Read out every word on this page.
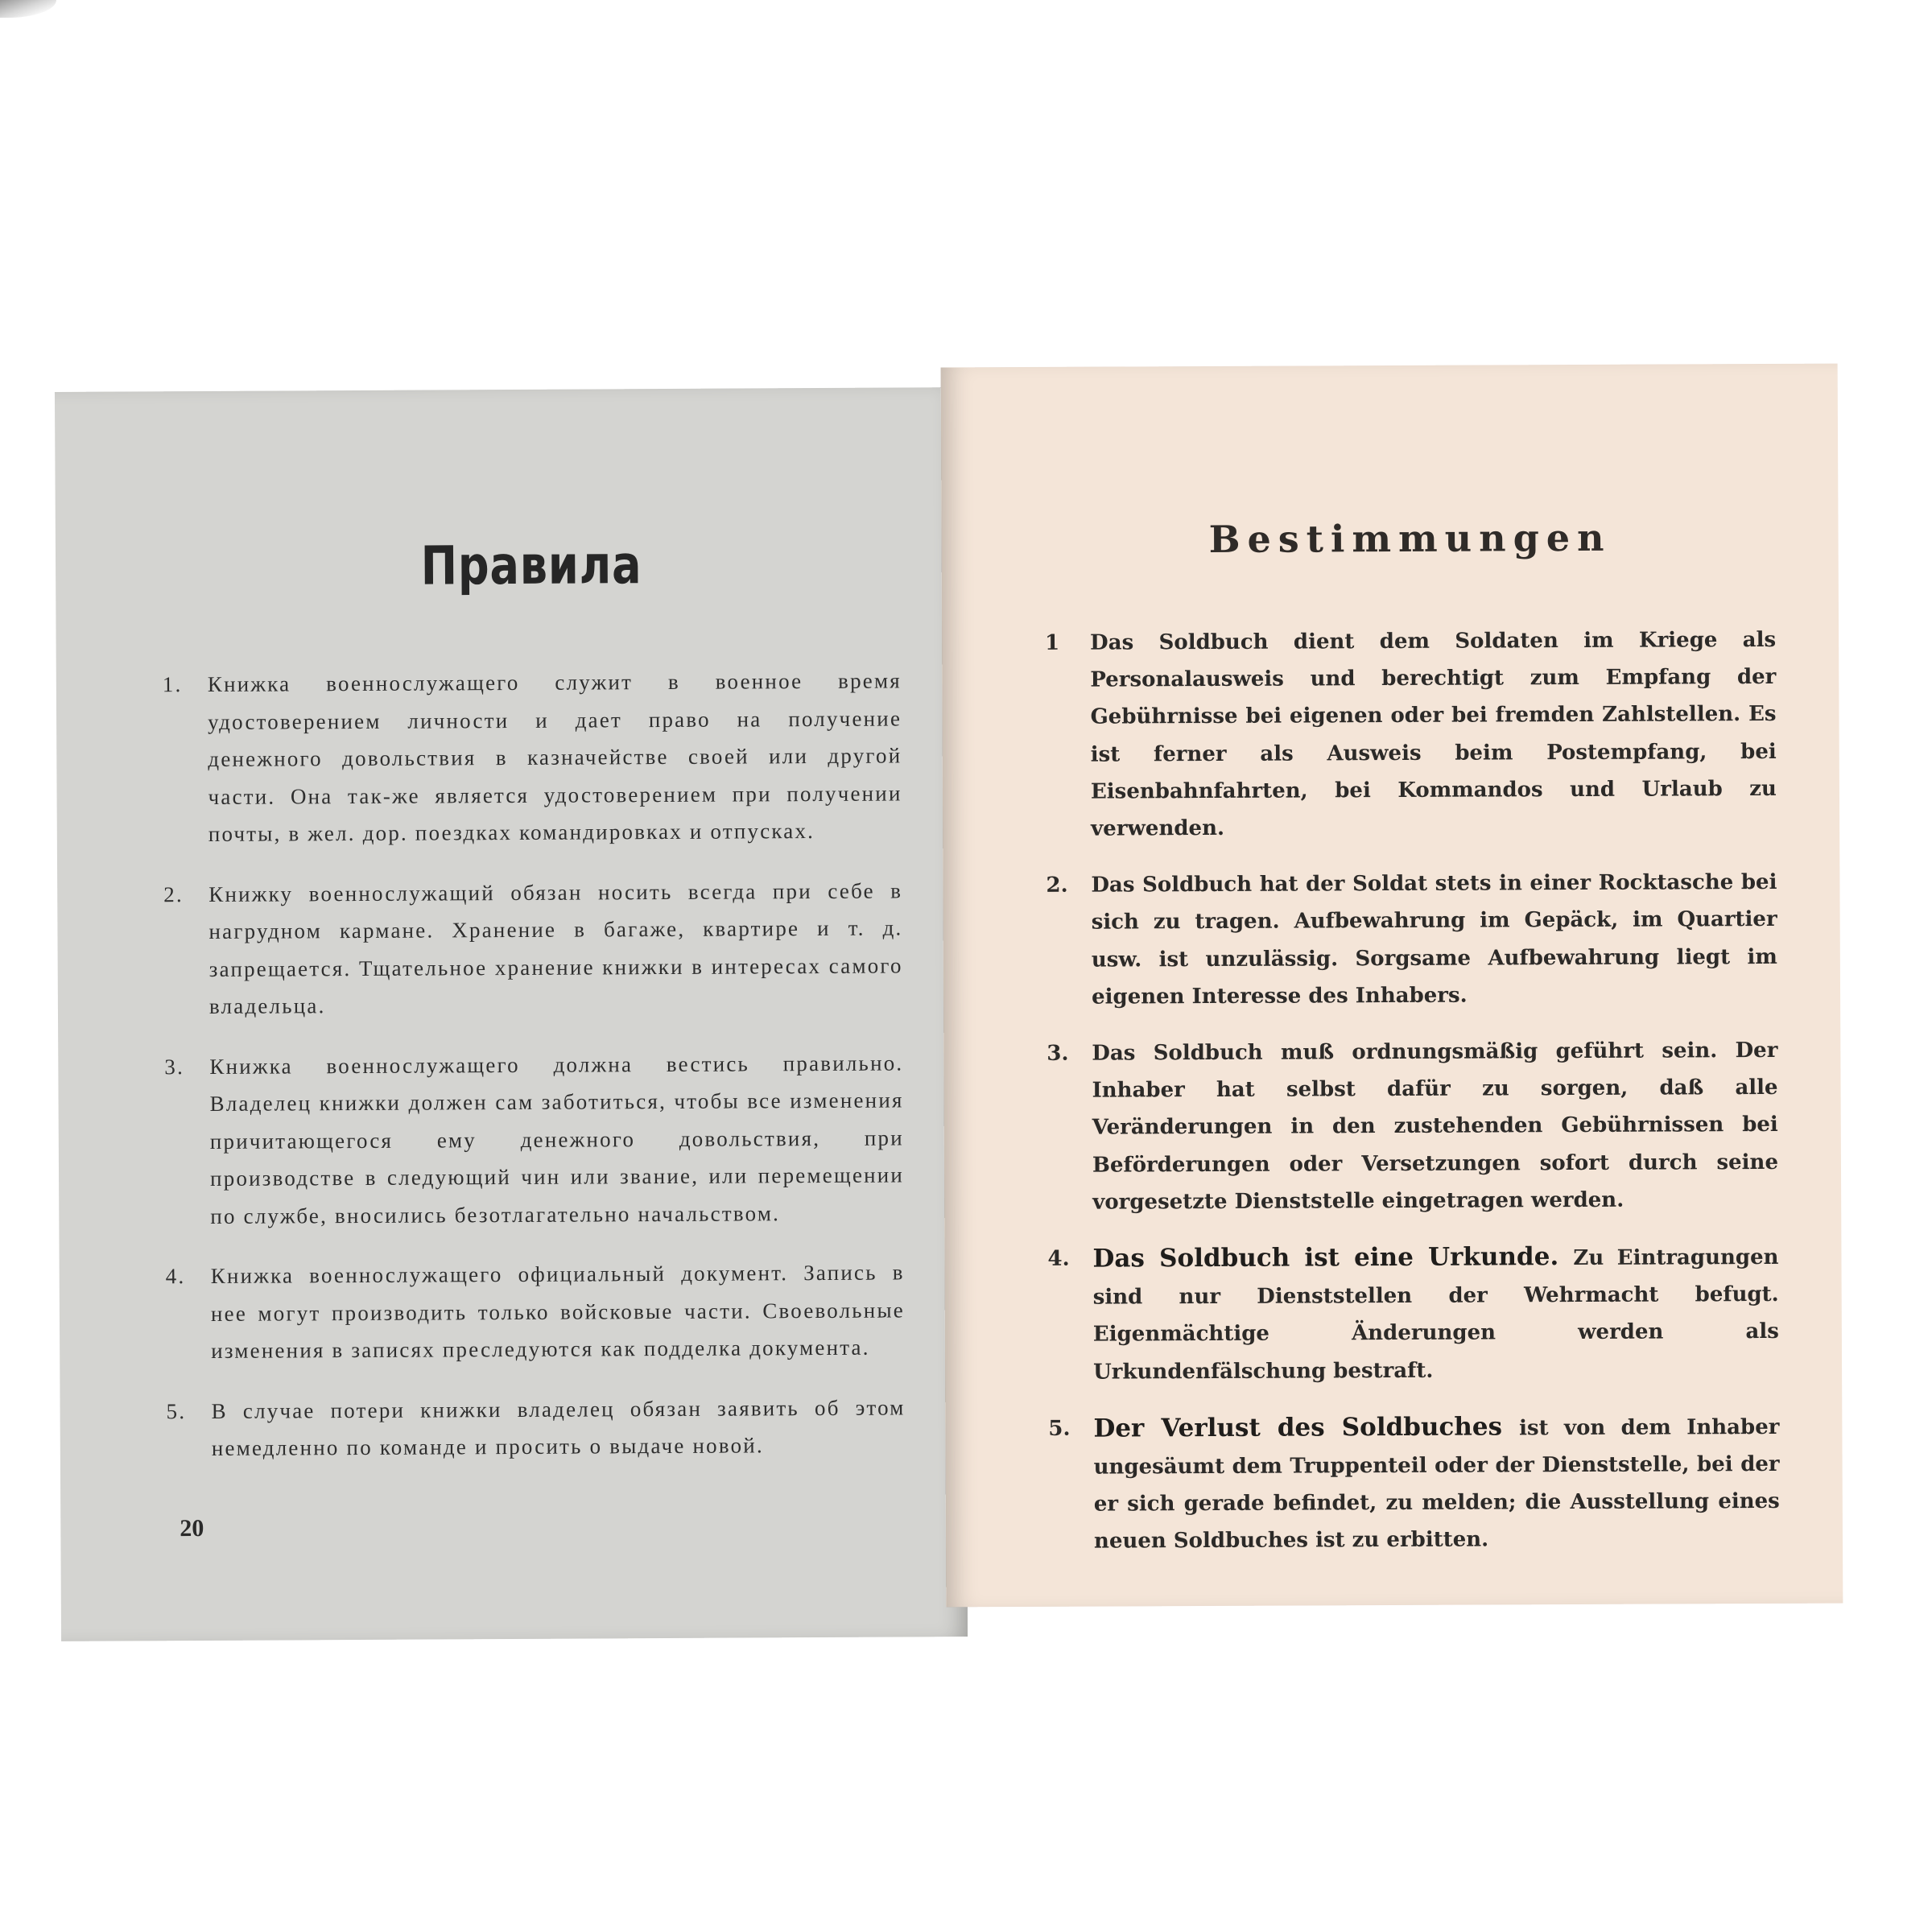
Правила
1.	Книжка военнослужащего служит в военное время удостоверением личности и дает право на получение денежного довольствия в казначействе своей или другой части. Она так-же является удостоверением при получении почты, в жел. дор. поездках командировках и отпусках.
2.	Книжку военнослужащий обязан носить всегда при себе в нагрудном кармане. Хранение в багаже, квартире и т. д. запрещается. Тщательное хранение книжки в интересах самого владельца.
3.	Книжка военнослужащего должна вестись правильно. Владелец книжки должен сам заботиться, чтобы все изменения причитающегося ему денежного довольствия, при производстве в следующий чин или звание, или перемещении по службе, вносились безотлагательно начальством.
4.	Книжка военнослужащего официальный документ. Запись в нее могут производить только войсковые части. Своевольные изменения в записях преследуются как подделка документа.
5.	В случае потери книжки владелец обязан заявить об этом немедленно по команде и просить о выдаче новой.
20
Bestimmungen
1	Das Soldbuch dient dem Soldaten im Kriege als Personalausweis und berechtigt zum Empfang der Gebührnisse bei eigenen oder bei fremden Zahlstellen. Es ist ferner als Ausweis beim Postempfang, bei Eisenbahnfahrten, bei Kommandos und Urlaub zu verwenden.
2.	Das Soldbuch hat der Soldat stets in einer Rocktasche bei sich zu tragen. Aufbewahrung im Gepäck, im Quartier usw. ist unzulässig. Sorgsame Aufbewahrung liegt im eigenen Interesse des Inhabers.
3.	Das Soldbuch muß ordnungsmäßig geführt sein. Der Inhaber hat selbst dafür zu sorgen, daß alle Veränderungen in den zustehenden Gebührnissen bei Beförderungen oder Versetzungen sofort durch seine vorgesetzte Dienststelle eingetragen werden.
4. Das Soldbuch ist eine Urkunde. Zu Eintragungen sind nur Dienststellen der Wehrmacht befugt. Eigenmächtige Änderungen werden als Urkundenfälschung bestraft.
5. Der Verlust des Soldbuches ist von dem Inhaber ungesäumt dem Truppenteil oder der Dienststelle, bei der er sich gerade befindet, zu melden; die Ausstellung eines neuen Soldbuches ist zu erbitten.
